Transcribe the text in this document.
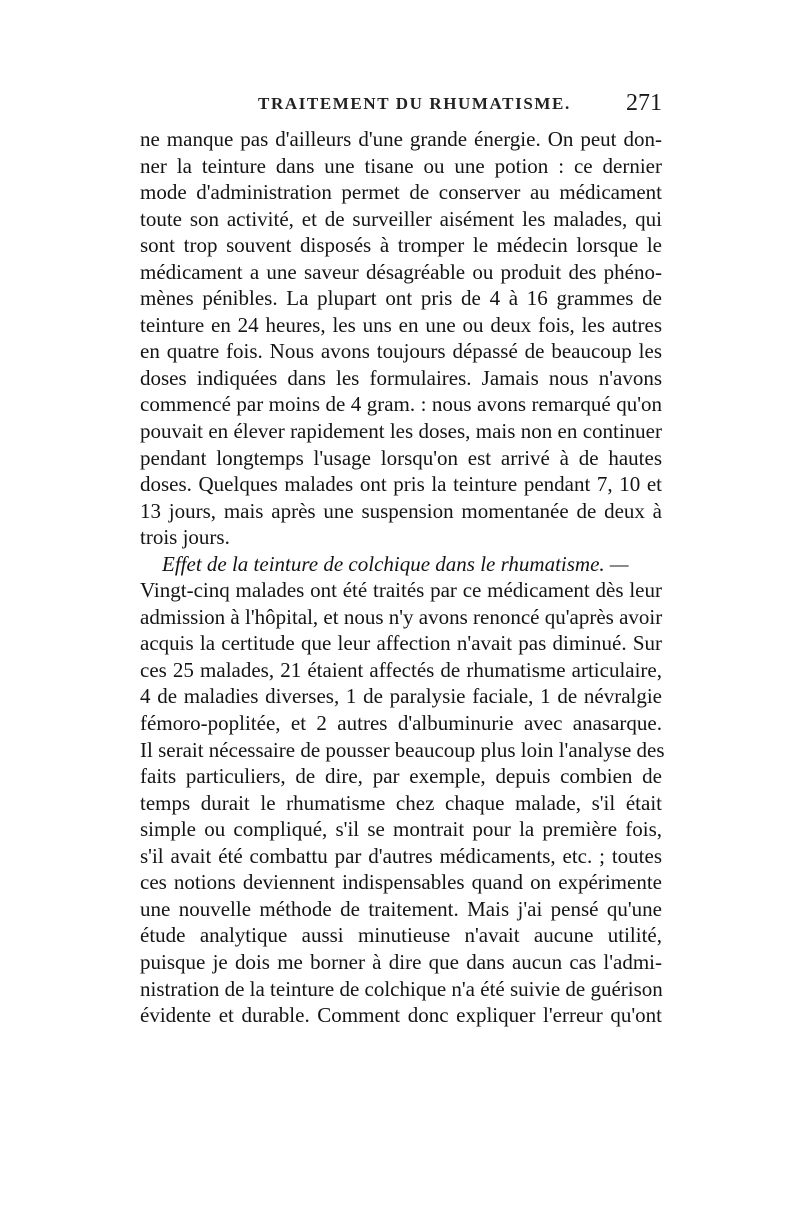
TRAITEMENT DU RHUMATISME. 271
ne manque pas d'ailleurs d'une grande énergie. On peut don-
ner la teinture dans une tisane ou une potion : ce dernier
mode d'administration permet de conserver au médicament
toute son activité, et de surveiller aisément les malades, qui
sont trop souvent disposés à tromper le médecin lorsque le
médicament a une saveur désagréable ou produit des phéno-
mènes pénibles. La plupart ont pris de 4 à 16 grammes de
teinture en 24 heures, les uns en une ou deux fois, les autres
en quatre fois. Nous avons toujours dépassé de beaucoup les
doses indiquées dans les formulaires. Jamais nous n'avons
commencé par moins de 4 gram. : nous avons remarqué qu'on
pouvait en élever rapidement les doses, mais non en continuer
pendant longtemps l'usage lorsqu'on est arrivé à de hautes
doses. Quelques malades ont pris la teinture pendant 7, 10 et
13 jours, mais après une suspension momentanée de deux à
trois jours.
Effet de la teinture de colchique dans le rhumatisme. —
Vingt-cinq malades ont été traités par ce médicament dès leur
admission à l'hôpital, et nous n'y avons renoncé qu'après avoir
acquis la certitude que leur affection n'avait pas diminué. Sur
ces 25 malades, 21 étaient affectés de rhumatisme articulaire,
4 de maladies diverses, 1 de paralysie faciale, 1 de névralgie
fémoro-poplitée, et 2 autres d'albuminurie avec anasarque.
Il serait nécessaire de pousser beaucoup plus loin l'analyse des
faits particuliers, de dire, par exemple, depuis combien de
temps durait le rhumatisme chez chaque malade, s'il était
simple ou compliqué, s'il se montrait pour la première fois,
s'il avait été combattu par d'autres médicaments, etc. ; toutes
ces notions deviennent indispensables quand on expérimente
une nouvelle méthode de traitement. Mais j'ai pensé qu'une
étude analytique aussi minutieuse n'avait aucune utilité,
puisque je dois me borner à dire que dans aucun cas l'admi-
nistration de la teinture de colchique n'a été suivie de guérison
évidente et durable. Comment donc expliquer l'erreur qu'ont
